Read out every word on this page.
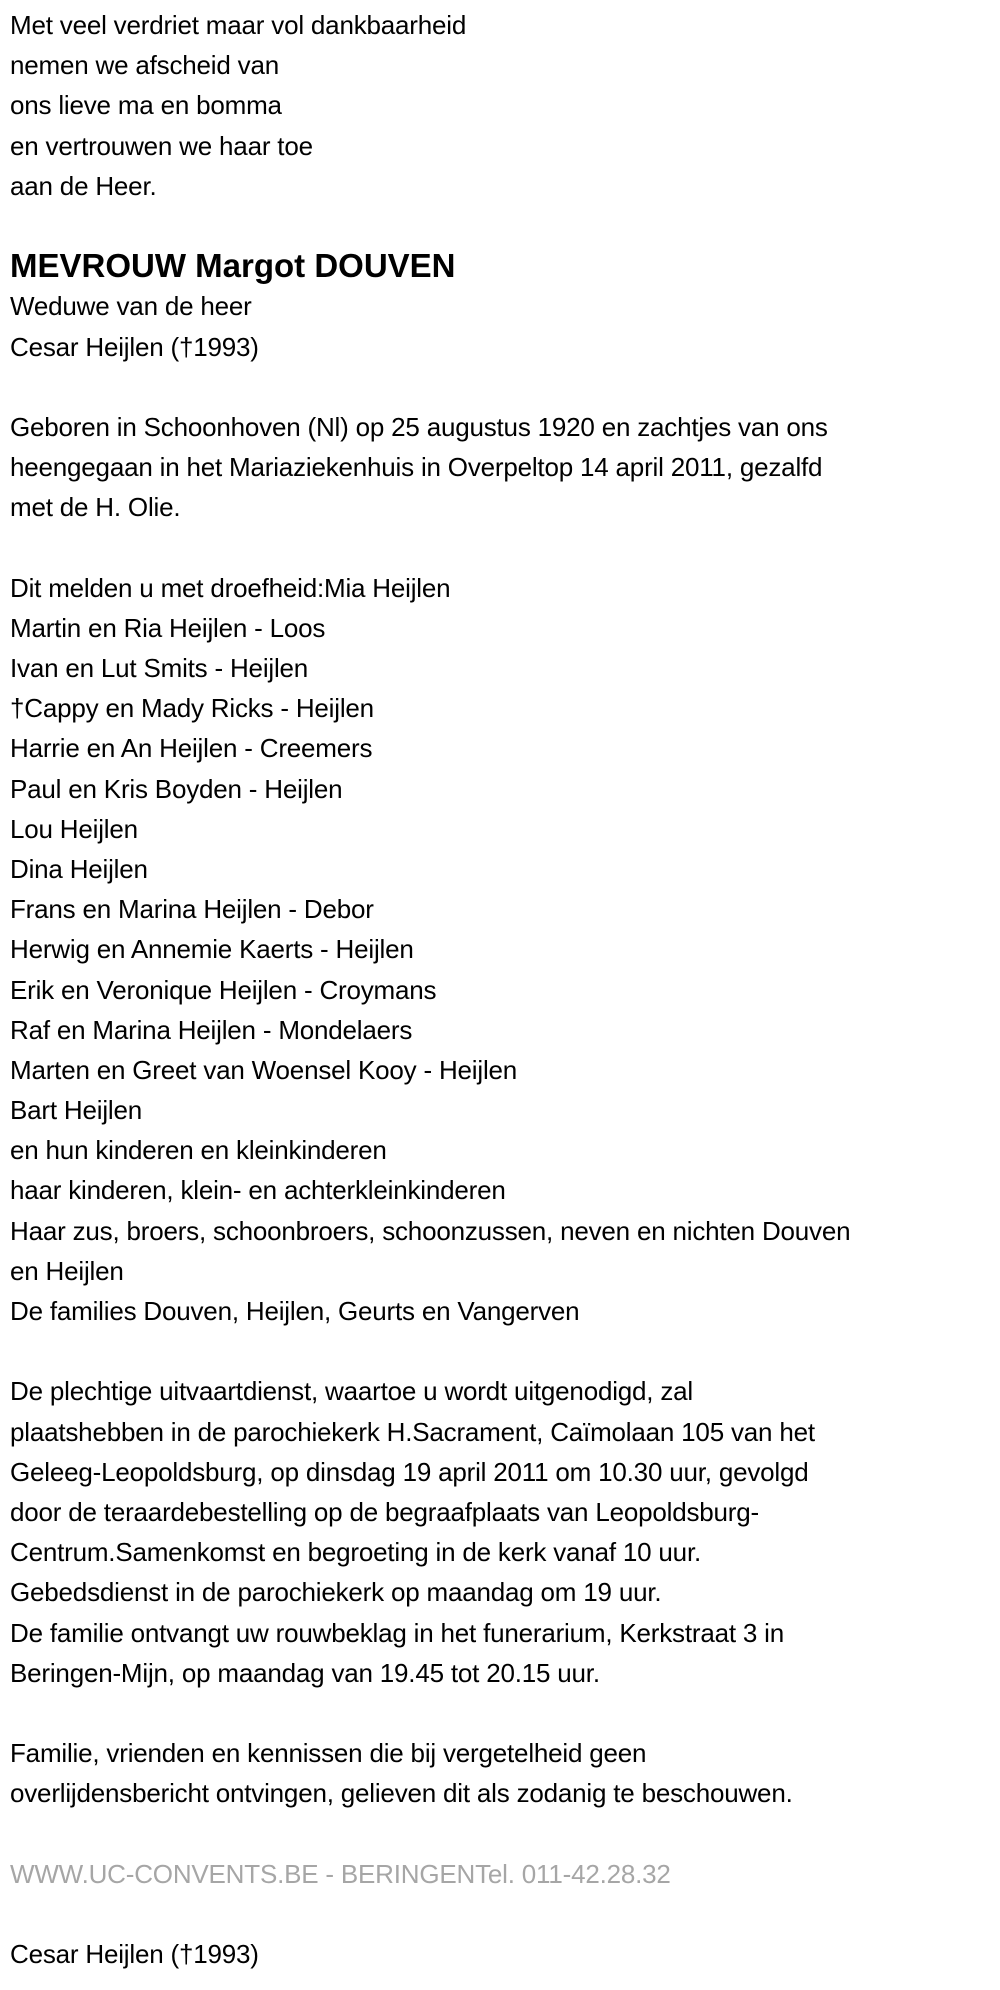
Met veel verdriet maar vol dankbaarheid
nemen we afscheid van
ons lieve ma en bomma
en vertrouwen we haar toe
aan de Heer.
MEVROUW Margot DOUVEN
Weduwe van de heer
Cesar Heijlen (†1993)
Geboren in Schoonhoven (Nl) op 25 augustus 1920 en zachtjes van ons
heengegaan in het Mariaziekenhuis in Overpeltop 14 april 2011, gezalfd
met de H. Olie.
Dit melden u met droefheid:Mia Heijlen
Martin en Ria Heijlen - Loos
Ivan en Lut Smits - Heijlen
†Cappy en Mady Ricks - Heijlen
Harrie en An Heijlen - Creemers
Paul en Kris Boyden - Heijlen
Lou Heijlen
Dina Heijlen
Frans en Marina Heijlen - Debor
Herwig en Annemie Kaerts - Heijlen
Erik en Veronique Heijlen - Croymans
Raf en Marina Heijlen - Mondelaers
Marten en Greet van Woensel Kooy - Heijlen
Bart Heijlen
en hun kinderen en kleinkinderen
haar kinderen, klein- en achterkleinkinderen
Haar zus, broers, schoonbroers, schoonzussen, neven en nichten Douven
en Heijlen
De families Douven, Heijlen, Geurts en Vangerven
De plechtige uitvaartdienst, waartoe u wordt uitgenodigd, zal
plaatshebben in de parochiekerk H.Sacrament, Caïmolaan 105 van het
Geleeg-Leopoldsburg, op dinsdag 19 april 2011 om 10.30 uur, gevolgd
door de teraardebestelling op de begraafplaats van Leopoldsburg-
Centrum.Samenkomst en begroeting in de kerk vanaf 10 uur.
Gebedsdienst in de parochiekerk op maandag om 19 uur.
De familie ontvangt uw rouwbeklag in het funerarium, Kerkstraat 3 in
Beringen-Mijn, op maandag van 19.45 tot 20.15 uur.
Familie, vrienden en kennissen die bij vergetelheid geen
overlijdensbericht ontvingen, gelieven dit als zodanig te beschouwen.
WWW.UC-CONVENTS.BE - BERINGENTel. 011-42.28.32
Cesar Heijlen (†1993)
